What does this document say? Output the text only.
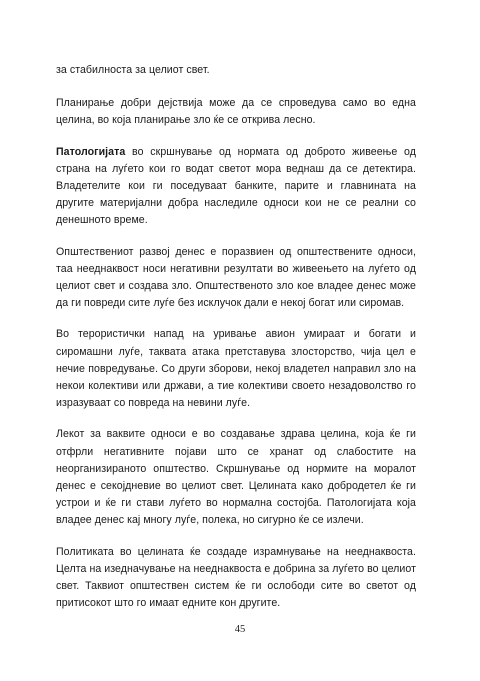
за стабилноста за целиот свет.

Планирање добри дејствија може да се спроведува само во една целина, во која планирање зло ќе се открива лесно.

Патологијата во скршнување од нормата од доброто живеење од страна на луѓето кои го водат светот мора веднаш да се детектира. Владетелите кои ги поседуваат банките, парите и главнината на другите материјални добра наследиле односи кои не се реални со денешното време.

Општествениот развој денес е поразвиен од општествените односи, таа нееднаквост носи негативни резултати во живеењето на луѓето од целиот свет и создава зло. Општественото зло кое владее денес може да ги повреди сите луѓе без исклучок дали е некој богат или сиромав.

Во терористички напад на уривање авион умираат и богати и сиромашни луѓе, таквата атака претставува злосторство, чија цел е нечие повредување. Со други зборови, некој владетел направил зло на некои колективи или држави, а тие колективи своето незадоволство го изразуваат со повреда на невини луѓе.

Лекот за ваквите односи е во создавање здрава целина, која ќе ги отфрли негативните појави што се хранат од слабостите на неорганизираното општество. Скршнување од нормите на моралот денес е секојдневие во целиот свет. Целината како добродетел ќе ги устрои и ќе ги стави луѓето во нормална состојба. Патологијата која владее денес кај многу луѓе, полека, но сигурно ќе се излечи.

Политиката во целината ќе создаде израмнување на нееднаквоста. Целта на изедначување на нееднаквоста е добрина за луѓето во целиот свет. Таквиот општествен систем ќе ги ослободи сите во светот од притисокот што го имаат едните кон другите.

45
